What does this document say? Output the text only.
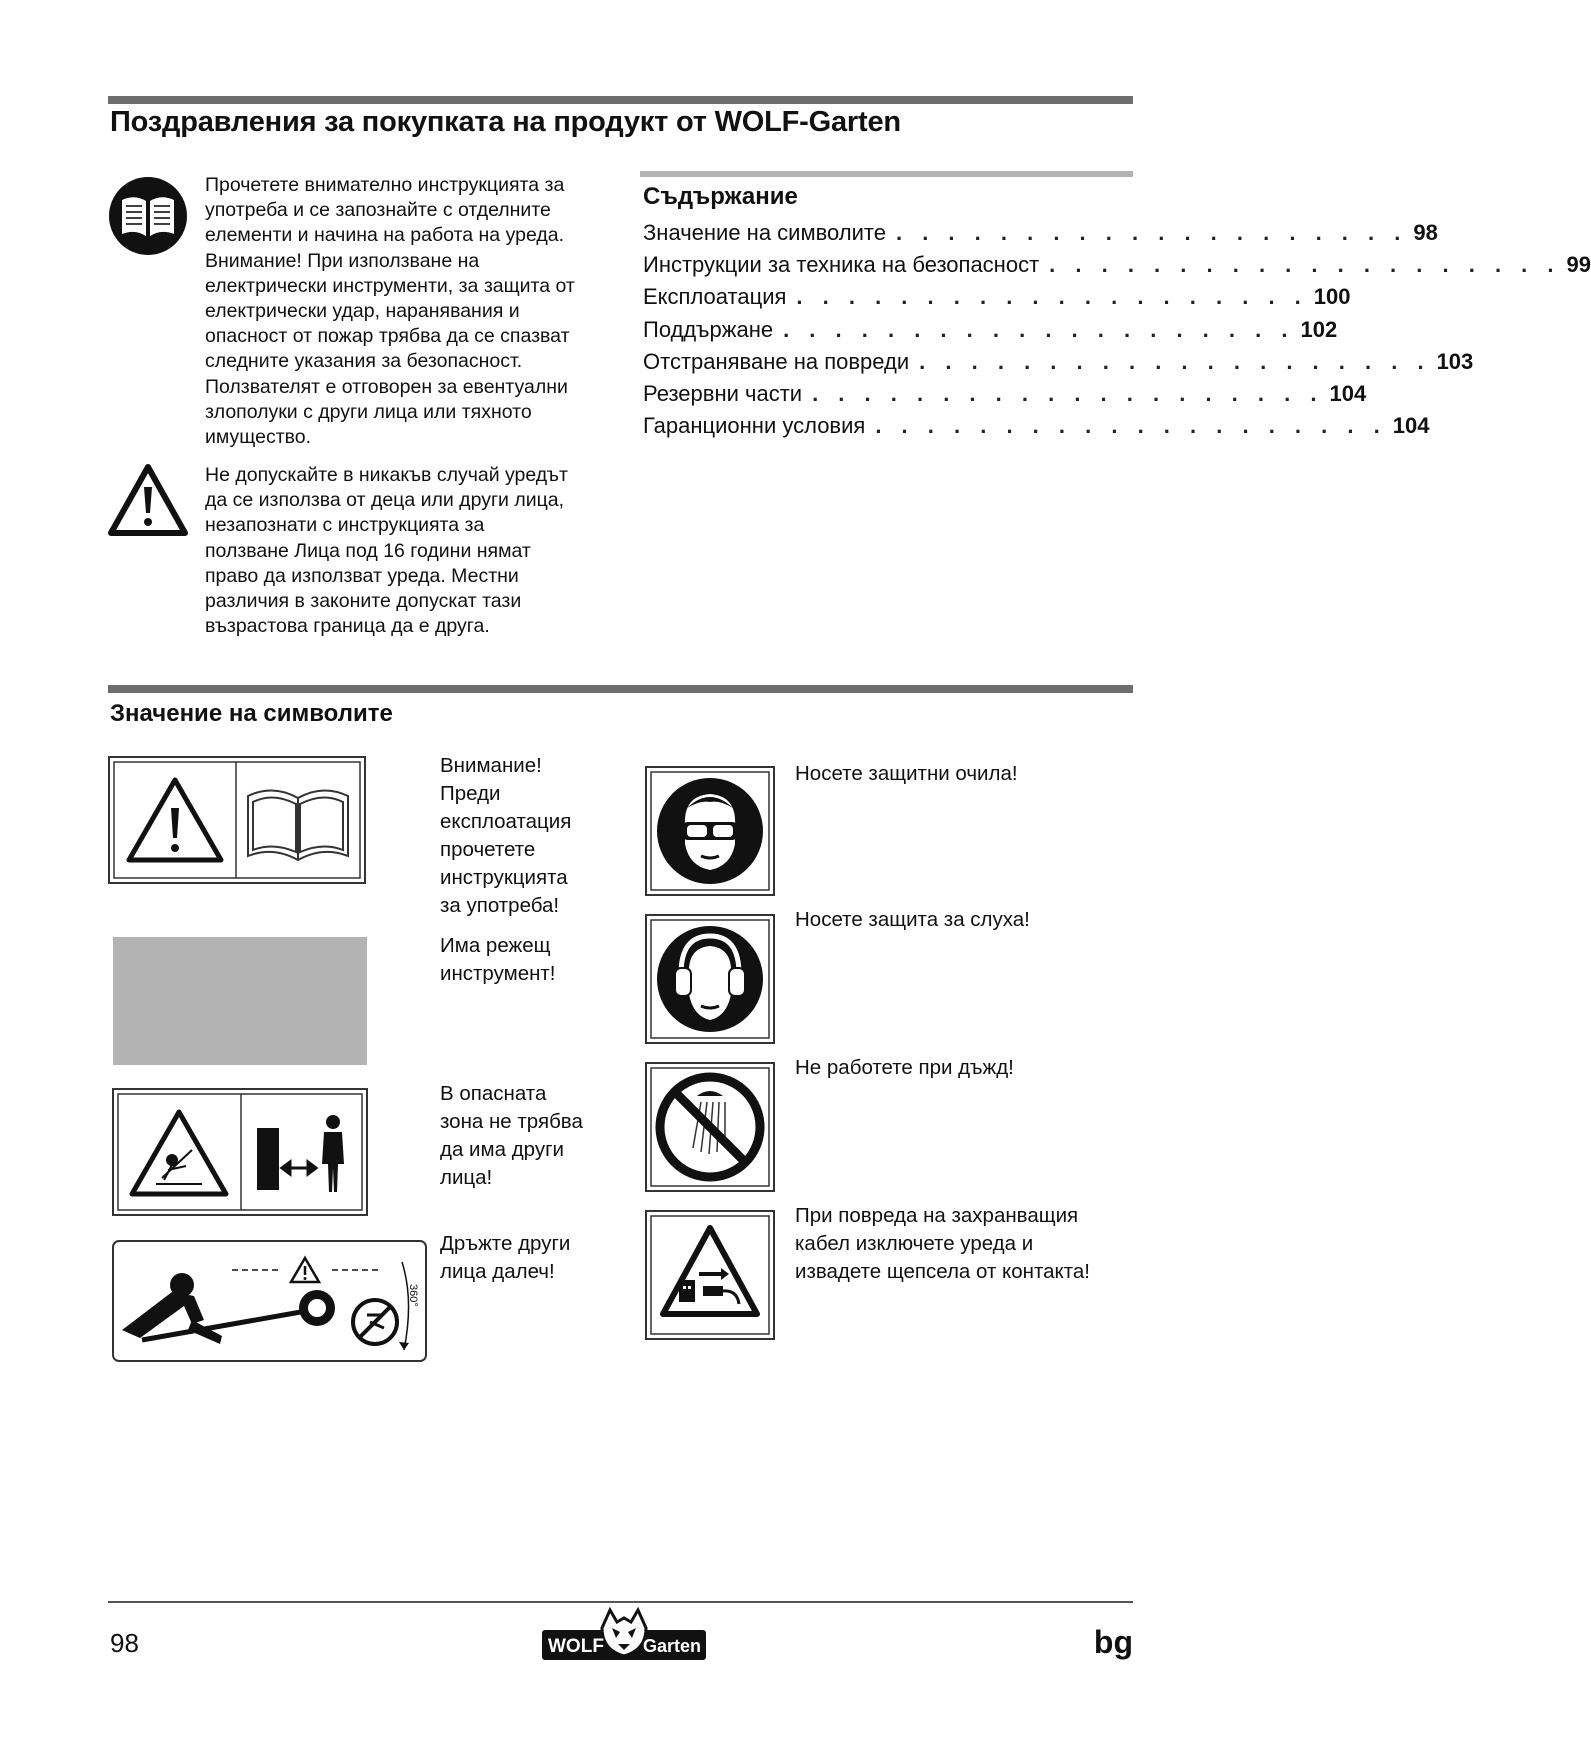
Поздравления за покупката на продукт от WOLF-Garten
Прочетете внимателно инструкцията за
употреба и се запознайте с отделните
елементи и начина на работа на уреда.
Внимание! При използване на
електрически инструменти, за защита от
електрически удар, наранявания и
опасност от пожар трябва да се спазват
следните указания за безопасност.
Ползвателят е отговорен за евентуални
злополуки с други лица или тяхното
имущество.
Не допускайте в никакъв случай уредът
да се използва от деца или други лица,
незапознати с инструкцията за
ползване Лица под 16 години нямат
право да използват уреда. Местни
различия в законите допускат тази
възрастова граница да е друга.
Съдържание
Значение на символите . . . . . . . . . . . . . . . . . . . . 98
Инструкции за техника на безопасност . . . . . . . . . . . . . . . . . . . . 99
Експлоатация . . . . . . . . . . . . . . . . . . . . 100
Поддържане . . . . . . . . . . . . . . . . . . . . 102
Отстраняване на повреди . . . . . . . . . . . . . . . . . . . . 103
Резервни части . . . . . . . . . . . . . . . . . . . . 104
Гаранционни условия . . . . . . . . . . . . . . . . . . . . 104
Значение на символите
Внимание!
Преди
експлоатация
прочетете
инструкцията
за употреба!
Има режещ
инструмент!
В опасната
зона не трябва
да има други
лица!
360°
Дръжте други
лица далеч!
Носете защитни очила!
Носете защита за слуха!
Не работете при дъжд!
При повреда на захранващия
кабел изключете уреда и
извадете щепсела от контакта!
98	WOLF Garten	bg
